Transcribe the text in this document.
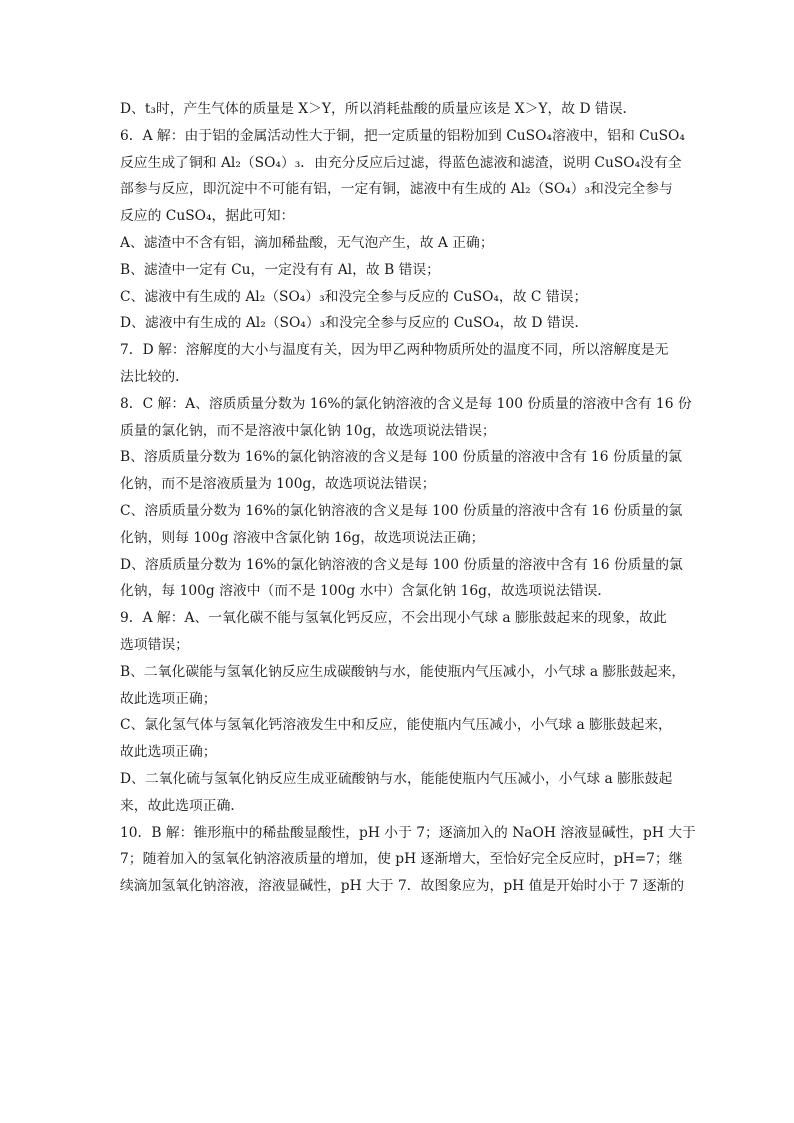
D、t₃时，产生气体的质量是 X＞Y，所以消耗盐酸的质量应该是 X＞Y，故 D 错误．
6．A 解：由于铝的金属活动性大于铜，把一定质量的铝粉加到 CuSO₄溶液中，铝和 CuSO₄
反应生成了铜和 Al₂（SO₄）₃．由充分反应后过滤，得蓝色滤液和滤渣，说明 CuSO₄没有全
部参与反应，即沉淀中不可能有铝，一定有铜，滤液中有生成的 Al₂（SO₄）₃和没完全参与
反应的 CuSO₄，据此可知：
A、滤渣中不含有铝，滴加稀盐酸，无气泡产生，故 A 正确；
B、滤渣中一定有 Cu，一定没有有 Al，故 B 错误；
C、滤液中有生成的 Al₂（SO₄）₃和没完全参与反应的 CuSO₄，故 C 错误；
D、滤液中有生成的 Al₂（SO₄）₃和没完全参与反应的 CuSO₄，故 D 错误．
7．D 解：溶解度的大小与温度有关，因为甲乙两种物质所处的温度不同，所以溶解度是无
法比较的．
8．C 解：A、溶质质量分数为 16%的氯化钠溶液的含义是每 100 份质量的溶液中含有 16 份
质量的氯化钠，而不是溶液中氯化钠 10g，故选项说法错误；
B、溶质质量分数为 16%的氯化钠溶液的含义是每 100 份质量的溶液中含有 16 份质量的氯
化钠，而不是溶液质量为 100g，故选项说法错误；
C、溶质质量分数为 16%的氯化钠溶液的含义是每 100 份质量的溶液中含有 16 份质量的氯
化钠，则每 100g 溶液中含氯化钠 16g，故选项说法正确；
D、溶质质量分数为 16%的氯化钠溶液的含义是每 100 份质量的溶液中含有 16 份质量的氯
化钠，每 100g 溶液中（而不是 100g 水中）含氯化钠 16g，故选项说法错误．
9．A 解：A、一氧化碳不能与氢氧化钙反应，不会出现小气球 a 膨胀鼓起来的现象，故此
选项错误；
B、二氧化碳能与氢氧化钠反应生成碳酸钠与水，能使瓶内气压减小，小气球 a 膨胀鼓起来，
故此选项正确；
C、氯化氢气体与氢氧化钙溶液发生中和反应，能使瓶内气压减小，小气球 a 膨胀鼓起来，
故此选项正确；
D、二氧化硫与氢氧化钠反应生成亚硫酸钠与水，能能使瓶内气压减小，小气球 a 膨胀鼓起
来，故此选项正确．
10．B 解：锥形瓶中的稀盐酸显酸性，pH 小于 7；逐滴加入的 NaOH 溶液显碱性，pH 大于
7；随着加入的氢氧化钠溶液质量的增加，使 pH 逐渐增大，至恰好完全反应时，pH=7；继
续滴加氢氧化钠溶液，溶液显碱性，pH 大于 7．故图象应为，pH 值是开始时小于 7 逐渐的
